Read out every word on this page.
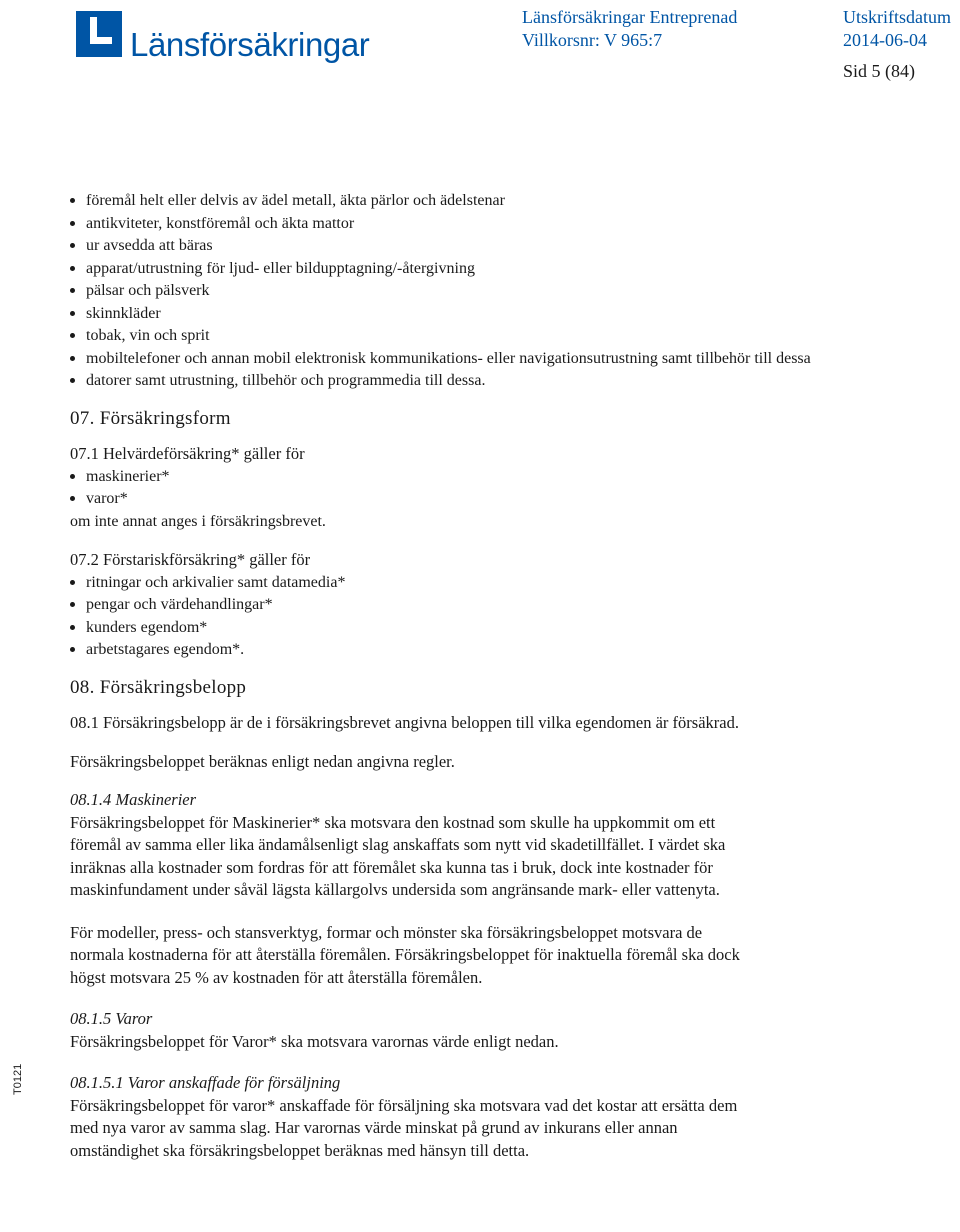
Länsförsäkringar
Länsförsäkringar Entreprenad
Villkorsnr: V 965:7
Utskriftsdatum
2014-06-04
Sid 5 (84)
T0121
föremål helt eller delvis av ädel metall, äkta pärlor och ädelstenar
antikviteter, konstföremål och äkta mattor
ur avsedda att bäras
apparat/utrustning för ljud- eller bildupptagning/-återgivning
pälsar och pälsverk
skinnkläder
tobak, vin och sprit
mobiltelefoner och annan mobil elektronisk kommunikations- eller navigationsutrustning samt tillbehör till dessa
datorer samt utrustning, tillbehör och programmedia till dessa.
07. Försäkringsform

07.1 Helvärdeförsäkring* gäller för

maskinerier*
varor*

om inte annat anges i försäkringsbrevet.

07.2 Förstariskförsäkring* gäller för

ritningar och arkivalier samt datamedia*
pengar och värdehandlingar*
kunders egendom*
arbetstagares egendom*.
08. Försäkringsbelopp

08.1 Försäkringsbelopp är de i försäkringsbrevet angivna beloppen till vilka egendomen är försäkrad.

Försäkringsbeloppet beräknas enligt nedan angivna regler.

08.1.4 Maskinerier

Försäkringsbeloppet för Maskinerier* ska motsvara den kostnad som skulle ha uppkommit om ett
föremål av samma eller lika ändamålsenligt slag anskaffats som nytt vid skadetillfället. I värdet ska
inräknas alla kostnader som fordras för att föremålet ska kunna tas i bruk, dock inte kostnader för
maskinfundament under såväl lägsta källargolvs undersida som angränsande mark- eller vattenyta.
För modeller, press- och stansverktyg, formar och mönster ska försäkringsbeloppet motsvara de
normala kostnaderna för att återställa föremålen. Försäkringsbeloppet för inaktuella föremål ska dock
högst motsvara 25 % av kostnaden för att återställa föremålen.

08.1.5 Varor

Försäkringsbeloppet för Varor* ska motsvara varornas värde enligt nedan.

08.1.5.1 Varor anskaffade för försäljning

Försäkringsbeloppet för varor* anskaffade för försäljning ska motsvara vad det kostar att ersätta dem
med nya varor av samma slag. Har varornas värde minskat på grund av inkurans eller annan
omständighet ska försäkringsbeloppet beräknas med hänsyn till detta.
